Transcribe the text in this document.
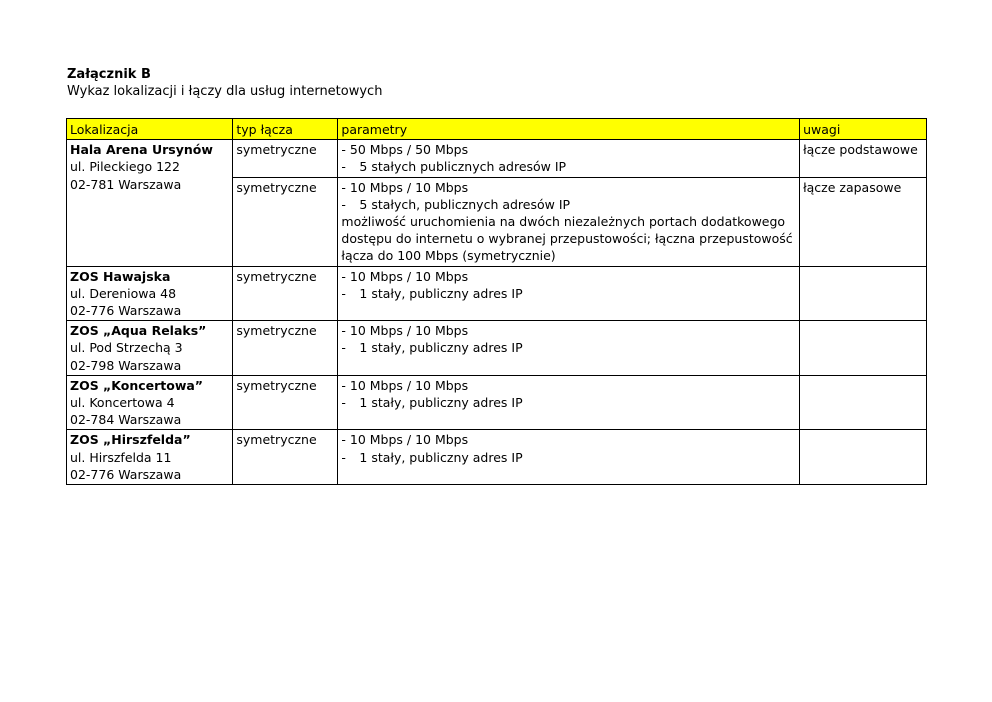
Załącznik B

Wykaz lokalizacji i łączy dla usług internetowych

Lokalizacja	typ łącza	parametry	uwagi

Hala Arena Ursynów
ul. Pileckiego 122
02-781 Warszawa	symetryczne	- 50 Mbps / 50 Mbps
- 5 stałych publicznych adresów IP	łącze podstawowe
	symetryczne	- 10 Mbps / 10 Mbps
- 5 stałych, publicznych adresów IP
możliwość uruchomienia na dwóch niezależnych portach dodatkowego dostępu do internetu o wybranej przepustowości; łączna przepustowość łącza do 100 Mbps (symetrycznie)	łącze zapasowe

ZOS Hawajska
ul. Dereniowa 48
02-776 Warszawa	symetryczne	- 10 Mbps / 10 Mbps
- 1 stały, publiczny adres IP	

ZOS „Aqua Relaks”
ul. Pod Strzechą 3
02-798 Warszawa	symetryczne	- 10 Mbps / 10 Mbps
- 1 stały, publiczny adres IP	

ZOS „Koncertowa”
ul. Koncertowa 4
02-784 Warszawa	symetryczne	- 10 Mbps / 10 Mbps
- 1 stały, publiczny adres IP	

ZOS „Hirszfelda”
ul. Hirszfelda 11
02-776 Warszawa	symetryczne	- 10 Mbps / 10 Mbps
- 1 stały, publiczny adres IP	
